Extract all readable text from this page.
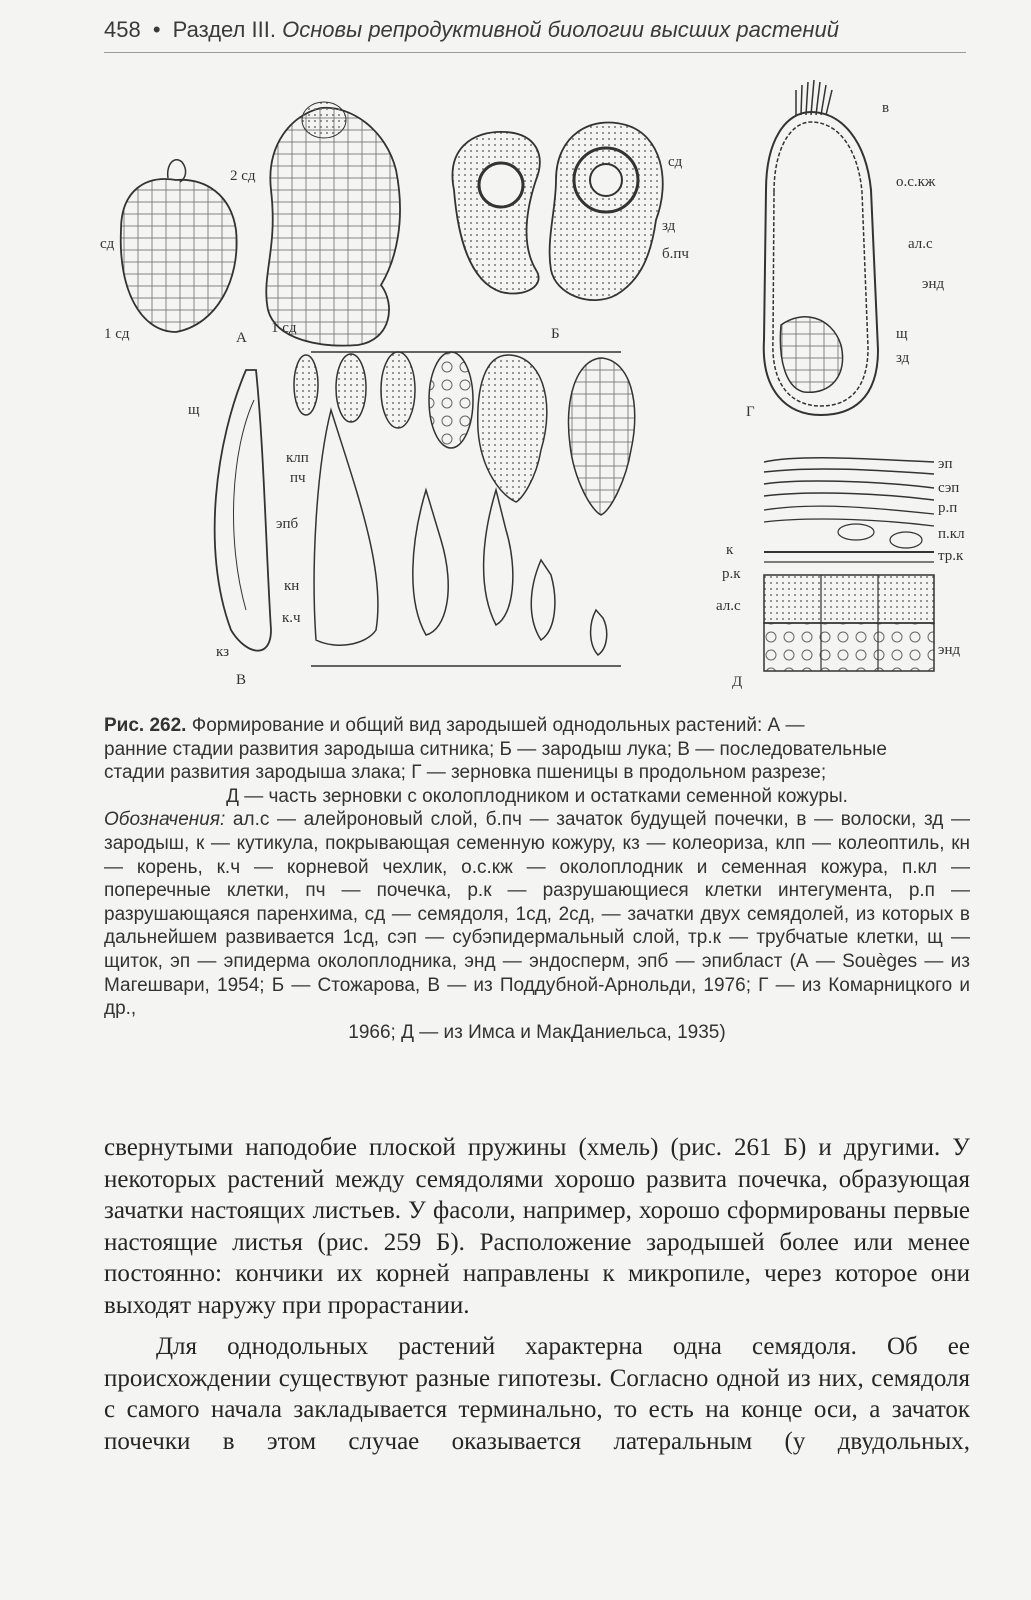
458 • Раздел III. Основы репродуктивной биологии высших растений
2 сд
сд
1 сд	А
1 сд
сд
зд
б.пч
Б
в
о.с.кж
ал.с
энд
щ
зд
Г
щ
клп
пч
эпб
кн
к.ч
кз
В
эп
сэп
р.п
п.кл
тр.к
к
р.к
ал.с
энд
Д
Рис. 262. Формирование и общий вид зародышей однодольных растений: А —
ранние стадии развития зародыша ситника; Б — зародыш лука; В — последовательные
стадии развития зародыша злака; Г — зерновка пшеницы в продольном разрезе;
Д — часть зерновки с околоплодником и остатками семенной кожуры.
Обозначения: ал.с — алейроновый слой, б.пч — зачаток будущей почечки, в — волоски, зд — зародыш, к — кутикула, покрывающая семенную кожуру, кз — колеориза, клп — колеоптиль, кн — корень, к.ч — корневой чехлик, о.с.кж — околоплодник и семенная кожура, п.кл — поперечные клетки, пч — почечка, р.к — разрушающиеся клетки интегумента, р.п — разрушающаяся паренхима, сд — семядоля, 1сд, 2сд, — зачатки двух семядолей, из которых в дальнейшем развивается 1сд, сэп — субэпидермальный слой, тр.к — трубчатые клетки, щ — щиток, эп — эпидерма околоплодника, энд — эндосперм, эпб — эпибласт (А — Souèges — из Магешвари, 1954; Б — Стожарова, В — из Поддубной-Арнольди, 1976; Г — из Комарницкого и др.,
1966; Д — из Имса и МакДаниельса, 1935)

свернутыми наподобие плоской пружины (хмель) (рис. 261 Б) и другими. У некоторых растений между семядолями хорошо развита почечка, образующая зачатки настоящих листьев. У фасоли, например, хорошо сформированы первые настоящие листья (рис. 259 Б). Расположение зародышей более или менее постоянно: кончики их корней направлены к микропиле, через которое они выходят наружу при прорастании.

Для однодольных растений характерна одна семядоля. Об ее происхождении существуют разные гипотезы. Согласно одной из них, семядоля с самого начала закладывается терминально, то есть на конце оси, а зачаток почечки в этом случае оказывается латеральным (у двудольных,
